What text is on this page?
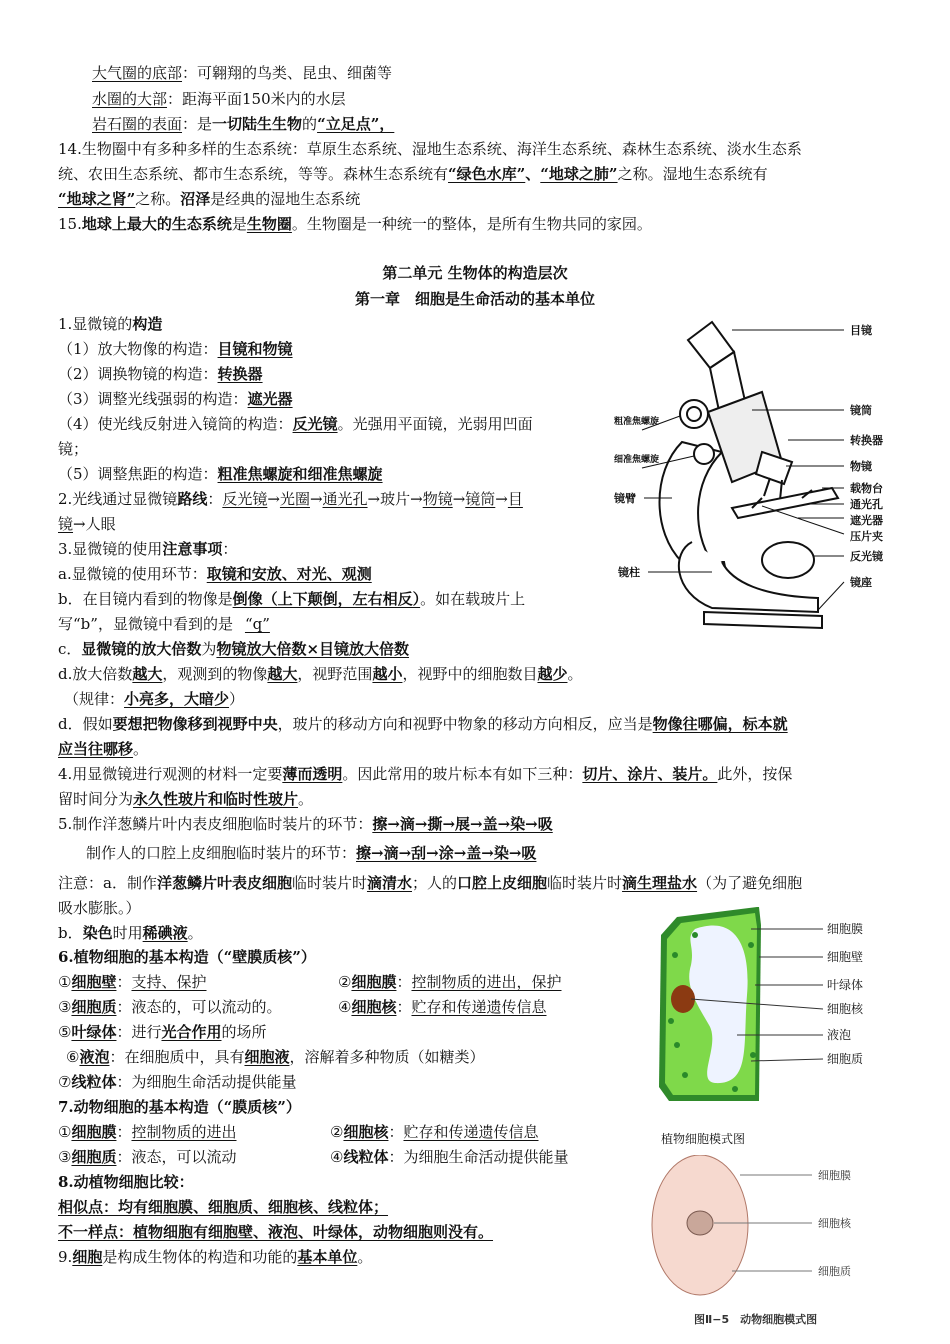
大气圈的底部：可翱翔的鸟类、昆虫、细菌等
水圈的大部：距海平面150米内的水层
岩石圈的表面：是一切陆生生物的“立足点”，
14.生物圈中有多种多样的生态系统：草原生态系统、湿地生态系统、海洋生态系统、森林生态系统、淡水生态系
统、农田生态系统、都市生态系统，等等。森林生态系统有“绿色水库”、“地球之肺”之称。湿地生态系统有
“地球之肾”之称。沼泽是经典的湿地生态系统
15.地球上最大的生态系统是生物圈。生物圈是一种统一的整体，是所有生物共同的家园。
第二单元 生物体的构造层次
第一章　细胞是生命活动的基本单位
1.显微镜的构造
（1）放大物像的构造：目镜和物镜
（2）调换物镜的构造：转换器
（3）调整光线强弱的构造：遮光器
（4）使光线反射进入镜筒的构造：反光镜。光强用平面镜，光弱用凹面
镜；
（5）调整焦距的构造：粗准焦螺旋和细准焦螺旋
2.光线通过显微镜路线：反光镜→光圈→通光孔→玻片→物镜→镜筒→目
镜→人眼
3.显微镜的使用注意事项：
a.显微镜的使用环节：取镜和安放、对光、观测
b．在目镜内看到的物像是倒像（上下颠倒，左右相反）。如在载玻片上
写“b”，显微镜中看到的是 “q”
c．显微镜的放大倍数为物镜放大倍数×目镜放大倍数
d.放大倍数越大，观测到的物像越大，视野范围越小，视野中的细胞数目越少。
（规律：小亮多，大暗少）
d．假如要想把物像移到视野中央，玻片的移动方向和视野中物象的移动方向相反，应当是物像往哪偏，标本就
应当往哪移。
4.用显微镜进行观测的材料一定要薄而透明。因此常用的玻片标本有如下三种：切片、涂片、装片。此外，按保
留时间分为永久性玻片和临时性玻片。
5.制作洋葱鳞片叶内表皮细胞临时装片的环节：擦→滴→撕→展→盖→染→吸
制作人的口腔上皮细胞临时装片的环节：擦→滴→刮→涂→盖→染→吸
注意：a．制作洋葱鳞片叶表皮细胞临时装片时滴清水；人的口腔上皮细胞临时装片时滴生理盐水（为了避免细胞
吸水膨胀。）
b．染色时用稀碘液。
6.植物细胞的基本构造（“壁膜质核”）
①细胞壁：支持、保护	②细胞膜：控制物质的进出，保护
③细胞质：液态的，可以流动的。	④细胞核：贮存和传递遗传信息
⑤叶绿体：进行光合作用的场所
⑥液泡：在细胞质中，具有细胞液，溶解着多种物质（如糖类）
⑦线粒体：为细胞生命活动提供能量
7.动物细胞的基本构造（“膜质核”）
①细胞膜：控制物质的进出	②细胞核：贮存和传递遗传信息
③细胞质：液态，可以流动	④线粒体：为细胞生命活动提供能量
8.动植物细胞比较：
相似点：均有细胞膜、细胞质、细胞核、线粒体；
不一样点：植物细胞有细胞壁、液泡、叶绿体，动物细胞则没有。
9.细胞是构成生物体的构造和功能的基本单位。
目镜
镜筒
转换器
物镜
载物台
通光孔
遮光器
压片夹
反光镜
镜座
粗准焦螺旋
细准焦螺旋
镜臂
镜柱
细胞膜
细胞壁
叶绿体
细胞核
液泡
细胞质
植物细胞模式图
细胞膜
细胞核
细胞质
图Ⅱ−5　动物细胞模式图
